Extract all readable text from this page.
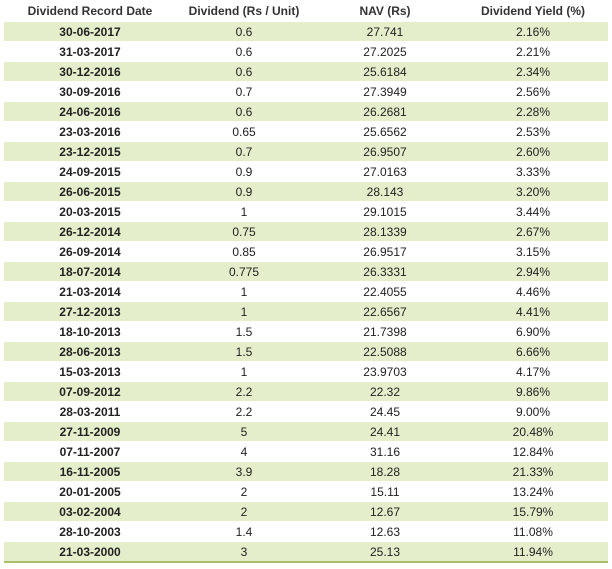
Dividend Record Date	Dividend (Rs / Unit)	NAV (Rs)	Dividend Yield (%)
30-06-2017	0.6	27.741	2.16%
31-03-2017	0.6	27.2025	2.21%
30-12-2016	0.6	25.6184	2.34%
30-09-2016	0.7	27.3949	2.56%
24-06-2016	0.6	26.2681	2.28%
23-03-2016	0.65	25.6562	2.53%
23-12-2015	0.7	26.9507	2.60%
24-09-2015	0.9	27.0163	3.33%
26-06-2015	0.9	28.143	3.20%
20-03-2015	1	29.1015	3.44%
26-12-2014	0.75	28.1339	2.67%
26-09-2014	0.85	26.9517	3.15%
18-07-2014	0.775	26.3331	2.94%
21-03-2014	1	22.4055	4.46%
27-12-2013	1	22.6567	4.41%
18-10-2013	1.5	21.7398	6.90%
28-06-2013	1.5	22.5088	6.66%
15-03-2013	1	23.9703	4.17%
07-09-2012	2.2	22.32	9.86%
28-03-2011	2.2	24.45	9.00%
27-11-2009	5	24.41	20.48%
07-11-2007	4	31.16	12.84%
16-11-2005	3.9	18.28	21.33%
20-01-2005	2	15.11	13.24%
03-02-2004	2	12.67	15.79%
28-10-2003	1.4	12.63	11.08%
21-03-2000	3	25.13	11.94%
